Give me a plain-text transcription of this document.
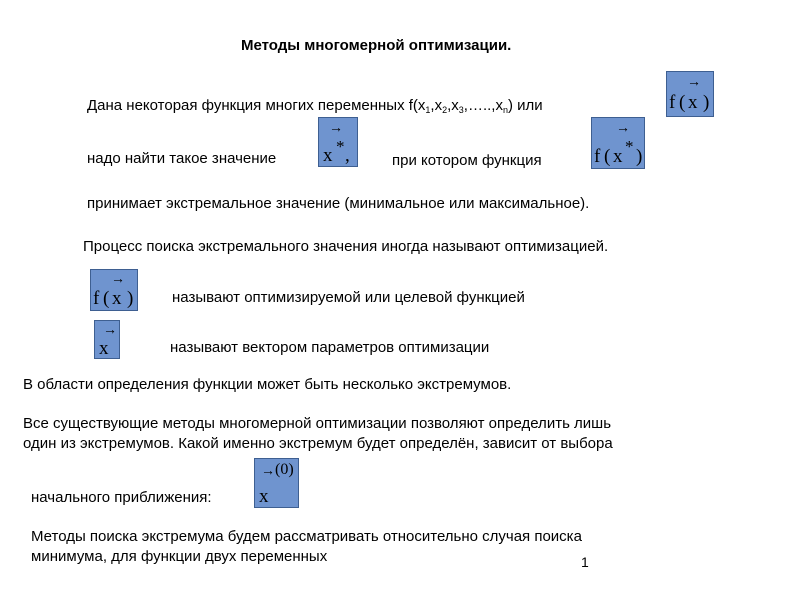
Методы многомерной оптимизации.
Дана некоторая функция многих переменных $f(x_1,x_2,x_3,\dots..,x_n)$ или
→
f ( x )
надо найти такое значение
→
x * ,	при котором функция
→
f ( x * )
принимает экстремальное значение (минимальное или максимальное).
Процесс поиска экстремального значения иногда называют оптимизацией.
→
f ( x )	называют оптимизируемой или целевой функцией
→
x	называют вектором параметров оптимизации
В области определения функции может быть несколько экстремумов.
Все существующие методы многомерной оптимизации позволяют определить лишь
один из экстремумов. Какой именно экстремум будет определён, зависит от выбора
начального приближения:
→
x
(0)
Методы поиска экстремума будем рассматривать относительно случая поиска
минимума, для функции двух переменных	1
